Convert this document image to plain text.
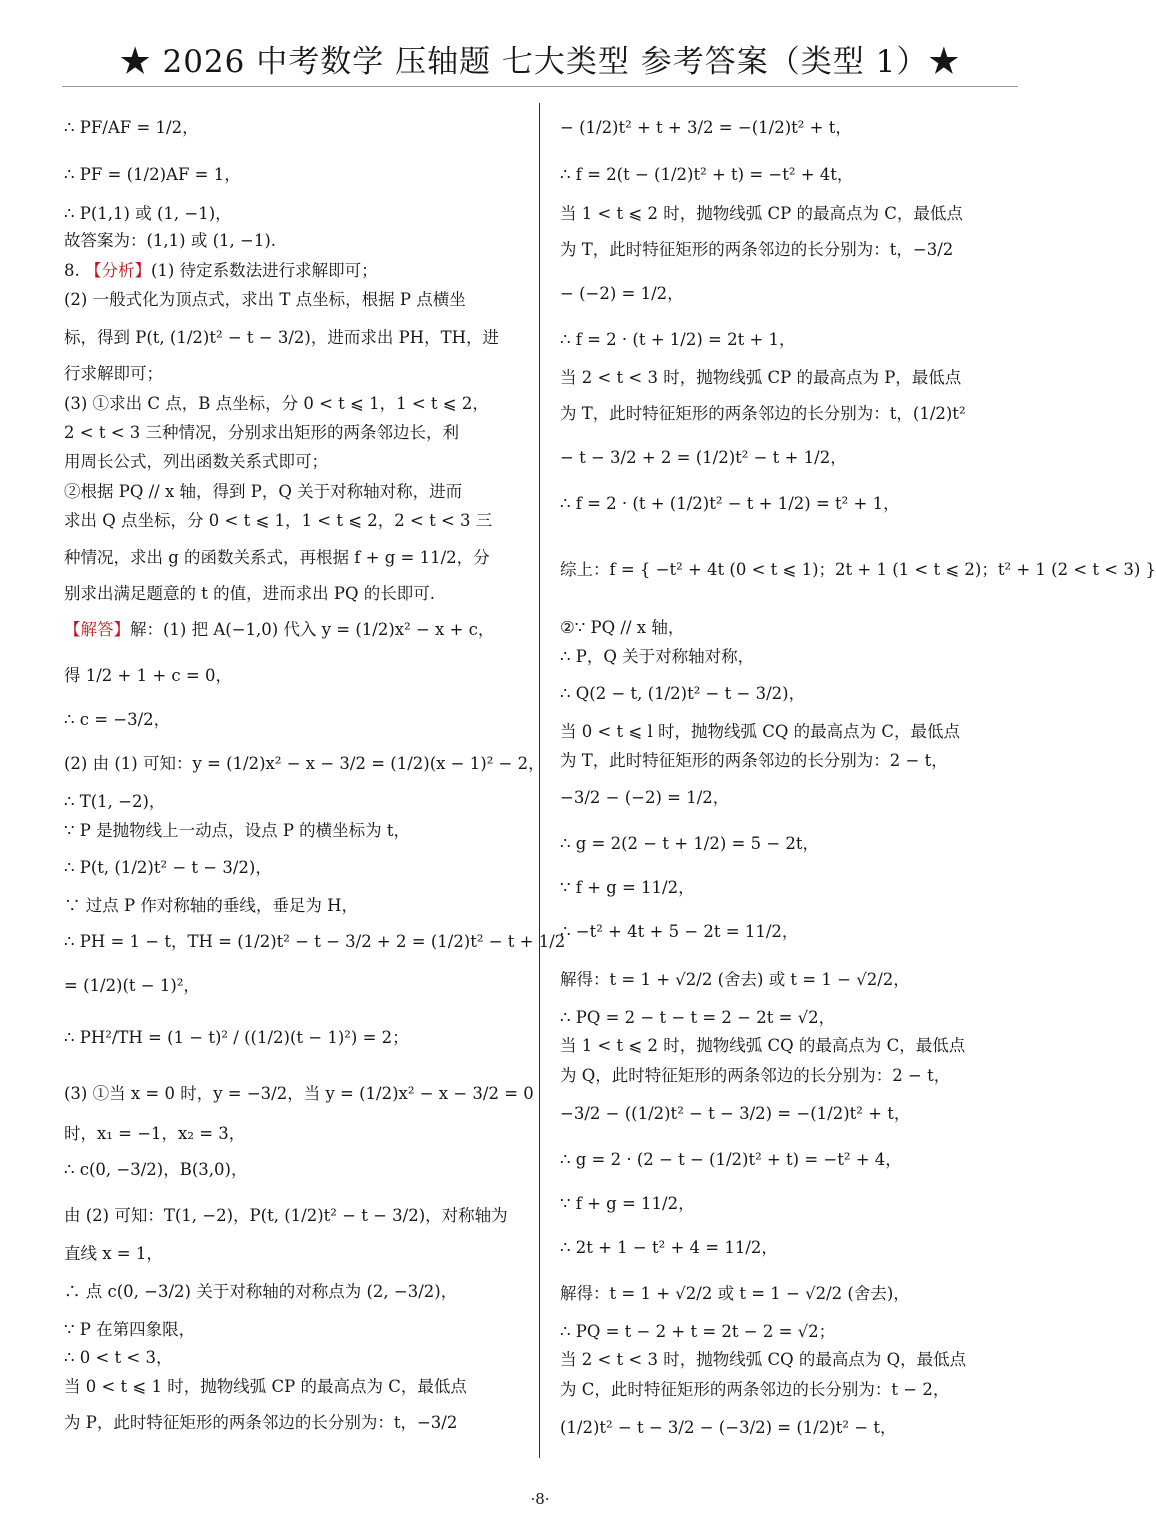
★ 2026 中考数学 压轴题 七大类型 参考答案（类型 1）★
∴ PF/AF = 1/2，
∴ PF = (1/2)AF = 1，
∴ P(1,1) 或 (1, −1)，
故答案为：(1,1) 或 (1, −1).
8. 【分析】(1) 待定系数法进行求解即可；
(2) 一般式化为顶点式，求出 T 点坐标，根据 P 点横坐
标，得到 P(t, (1/2)t² − t − 3/2)，进而求出 PH，TH，进
行求解即可；
(3) ①求出 C 点，B 点坐标，分 0 < t ⩽ 1，1 < t ⩽ 2，
2 < t < 3 三种情况，分别求出矩形的两条邻边长，利
用周长公式，列出函数关系式即可；
②根据 PQ // x 轴，得到 P，Q 关于对称轴对称，进而
求出 Q 点坐标，分 0 < t ⩽ 1，1 < t ⩽ 2，2 < t < 3 三
种情况，求出 g 的函数关系式，再根据 f + g = 11/2，分
别求出满足题意的 t 的值，进而求出 PQ 的长即可.
【解答】解：(1) 把 A(−1,0) 代入 y = (1/2)x² − x + c，
得 1/2 + 1 + c = 0，
∴ c = −3/2，
(2) 由 (1) 可知：y = (1/2)x² − x − 3/2 = (1/2)(x − 1)² − 2，
∴ T(1, −2)，
∵ P 是抛物线上一动点，设点 P 的横坐标为 t，
∴ P(t, (1/2)t² − t − 3/2)，
∵ 过点 P 作对称轴的垂线，垂足为 H，
∴ PH = 1 − t，TH = (1/2)t² − t − 3/2 + 2 = (1/2)t² − t + 1/2
= (1/2)(t − 1)²，
∴ PH²/TH = (1 − t)² / ((1/2)(t − 1)²) = 2；
(3) ①当 x = 0 时，y = −3/2，当 y = (1/2)x² − x − 3/2 = 0
时，x₁ = −1，x₂ = 3，
∴ c(0, −3/2)，B(3,0)，
由 (2) 可知：T(1, −2)，P(t, (1/2)t² − t − 3/2)，对称轴为
直线 x = 1，
∴ 点 c(0, −3/2) 关于对称轴的对称点为 (2, −3/2)，
∵ P 在第四象限，
∴ 0 < t < 3，
当 0 < t ⩽ 1 时，抛物线弧 CP 的最高点为 C，最低点
为 P，此时特征矩形的两条邻边的长分别为：t，−3/2
− (1/2)t² + t + 3/2 = −(1/2)t² + t，
∴ f = 2(t − (1/2)t² + t) = −t² + 4t，
当 1 < t ⩽ 2 时，抛物线弧 CP 的最高点为 C，最低点
为 T，此时特征矩形的两条邻边的长分别为：t，−3/2
− (−2) = 1/2，
∴ f = 2 · (t + 1/2) = 2t + 1，
当 2 < t < 3 时，抛物线弧 CP 的最高点为 P，最低点
为 T，此时特征矩形的两条邻边的长分别为：t，(1/2)t²
− t − 3/2 + 2 = (1/2)t² − t + 1/2，
∴ f = 2 · (t + (1/2)t² − t + 1/2) = t² + 1，
综上：f = { −t² + 4t (0 < t ⩽ 1)；2t + 1 (1 < t ⩽ 2)；t² + 1 (2 < t < 3) }
②∵ PQ // x 轴，
∴ P，Q 关于对称轴对称，
∴ Q(2 − t, (1/2)t² − t − 3/2)，
当 0 < t ⩽ l 时，抛物线弧 CQ 的最高点为 C，最低点
为 T，此时特征矩形的两条邻边的长分别为：2 − t，
−3/2 − (−2) = 1/2，
∴ g = 2(2 − t + 1/2) = 5 − 2t，
∵ f + g = 11/2，
∴ −t² + 4t + 5 − 2t = 11/2，
解得：t = 1 + √2/2 (舍去) 或 t = 1 − √2/2，
∴ PQ = 2 − t − t = 2 − 2t = √2，
当 1 < t ⩽ 2 时，抛物线弧 CQ 的最高点为 C，最低点
为 Q，此时特征矩形的两条邻边的长分别为：2 − t，
−3/2 − ((1/2)t² − t − 3/2) = −(1/2)t² + t，
∴ g = 2 · (2 − t − (1/2)t² + t) = −t² + 4，
∵ f + g = 11/2，
∴ 2t + 1 − t² + 4 = 11/2，
解得：t = 1 + √2/2 或 t = 1 − √2/2 (舍去)，
∴ PQ = t − 2 + t = 2t − 2 = √2；
当 2 < t < 3 时，抛物线弧 CQ 的最高点为 Q，最低点
为 C，此时特征矩形的两条邻边的长分别为：t − 2，
(1/2)t² − t − 3/2 − (−3/2) = (1/2)t² − t，
·8·
